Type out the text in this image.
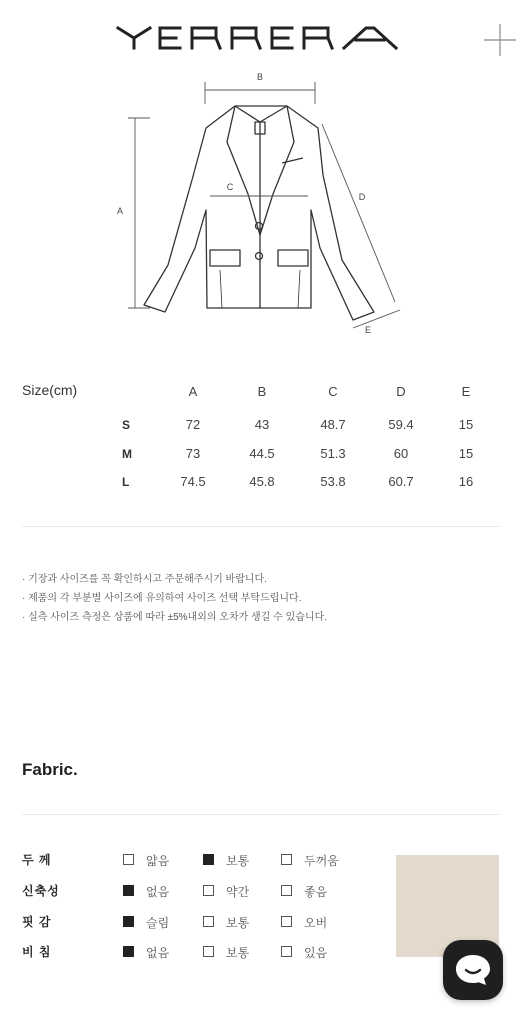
B
A
C
D
E
Size(cm)	A	B	C	D	E
S	72	43	48.7	59.4	15
M	73	44.5	51.3	60	15
L	74.5	45.8	53.8	60.7	16

· 기장과 사이즈를 꼭 확인하시고 주문해주시기 바랍니다.

· 제품의 각 부분별 사이즈에 유의하여 사이즈 선택 부탁드립니다.

· 실측 사이즈 측정은 상품에 따라 ±5%내외의 오차가 생길 수 있습니다.

Fabric.
두 께	얇음	보통	두꺼움
신축성	없음	약간	좋음
핏 감	슬림	보통	오버
비 침	없음	보통	있음
